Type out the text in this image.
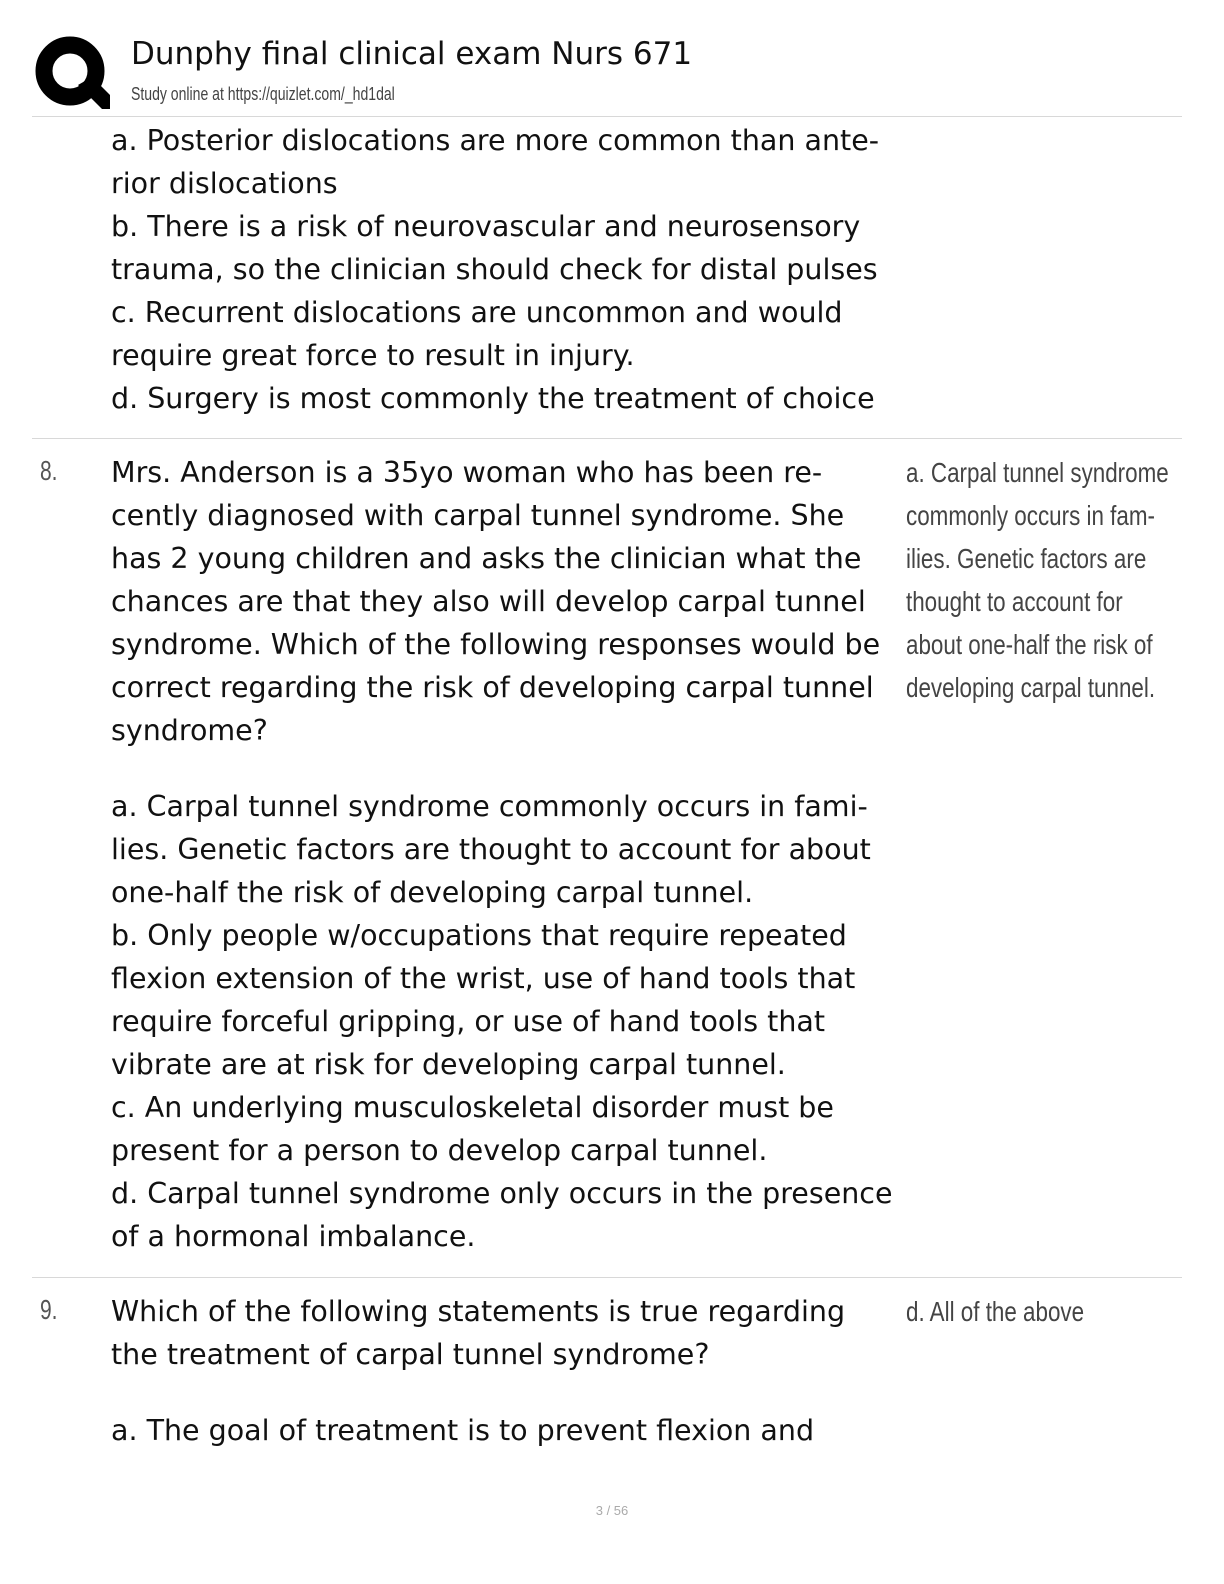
Dunphy final clinical exam Nurs 671
Study online at https://quizlet.com/_hd1dal

a. Posterior dislocations are more common than ante-

rior dislocations

b. There is a risk of neurovascular and neurosensory

trauma, so the clinician should check for distal pulses

c. Recurrent dislocations are uncommon and would

require great force to result in injury.

d. Surgery is most commonly the treatment of choice

8. Mrs. Anderson is a 35yo woman who has been re-

cently diagnosed with carpal tunnel syndrome. She

has 2 young children and asks the clinician what the

chances are that they also will develop carpal tunnel

syndrome. Which of the following responses would be

correct regarding the risk of developing carpal tunnel

syndrome?

a. Carpal tunnel syndrome commonly occurs in fami-

lies. Genetic factors are thought to account for about

one-half the risk of developing carpal tunnel.

b. Only people w/occupations that require repeated

flexion extension of the wrist, use of hand tools that

require forceful gripping, or use of hand tools that

vibrate are at risk for developing carpal tunnel.

c. An underlying musculoskeletal disorder must be

present for a person to develop carpal tunnel.

d. Carpal tunnel syndrome only occurs in the presence

of a hormonal imbalance.

a. Carpal tunnel syndrome
commonly occurs in fam-
ilies. Genetic factors are
thought to account for
about one-half the risk of
developing carpal tunnel.
9. Which of the following statements is true regarding

the treatment of carpal tunnel syndrome?

a. The goal of treatment is to prevent flexion and

d. All of the above
3 / 56
